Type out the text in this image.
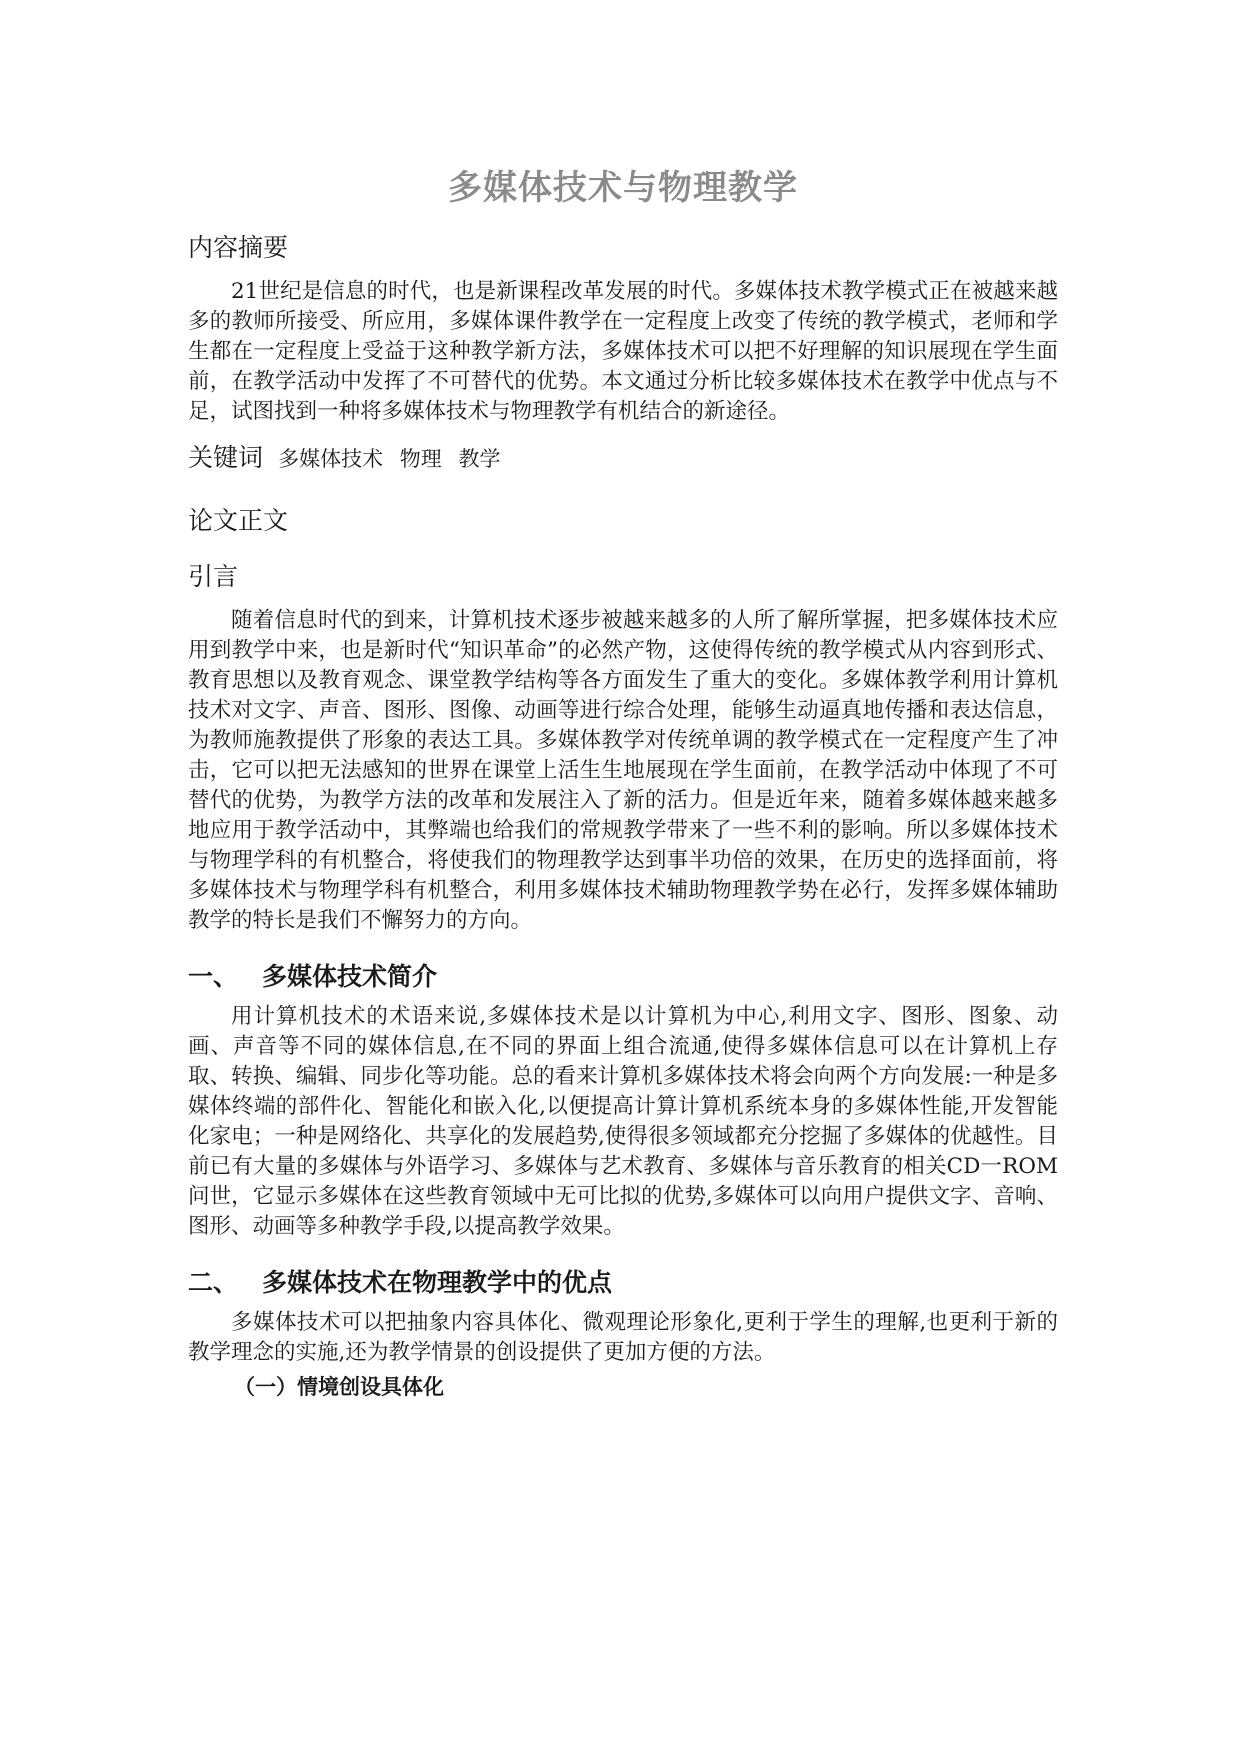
多媒体技术与物理教学
内容摘要

21世纪是信息的时代，也是新课程改革发展的时代。多媒体技术教学模式正在被越来越多的教师所接受、所应用，多媒体课件教学在一定程度上改变了传统的教学模式，老师和学生都在一定程度上受益于这种教学新方法，多媒体技术可以把不好理解的知识展现在学生面前，在教学活动中发挥了不可替代的优势。本文通过分析比较多媒体技术在教学中优点与不足，试图找到一种将多媒体技术与物理教学有机结合的新途径。

关键词 多媒体技术 物理 教学
论文正文
引言

随着信息时代的到来，计算机技术逐步被越来越多的人所了解所掌握，把多媒体技术应用到教学中来，也是新时代“知识革命”的必然产物，这使得传统的教学模式从内容到形式、教育思想以及教育观念、课堂教学结构等各方面发生了重大的变化。多媒体教学利用计算机技术对文字、声音、图形、图像、动画等进行综合处理，能够生动逼真地传播和表达信息，为教师施教提供了形象的表达工具。多媒体教学对传统单调的教学模式在一定程度产生了冲击，它可以把无法感知的世界在课堂上活生生地展现在学生面前，在教学活动中体现了不可替代的优势，为教学方法的改革和发展注入了新的活力。但是近年来，随着多媒体越来越多地应用于教学活动中，其弊端也给我们的常规教学带来了一些不利的影响。所以多媒体技术与物理学科的有机整合，将使我们的物理教学达到事半功倍的效果，在历史的选择面前，将多媒体技术与物理学科有机整合，利用多媒体技术辅助物理教学势在必行，发挥多媒体辅助教学的特长是我们不懈努力的方向。

一、 多媒体技术简介

用计算机技术的术语来说,多媒体技术是以计算机为中心,利用文字、图形、图象、动画、声音等不同的媒体信息,在不同的界面上组合流通,使得多媒体信息可以在计算机上存取、转换、编辑、同步化等功能。总的看来计算机多媒体技术将会向两个方向发展:一种是多媒体终端的部件化、智能化和嵌入化,以便提高计算计算机系统本身的多媒体性能,开发智能化家电；一种是网络化、共享化的发展趋势,使得很多领域都充分挖掘了多媒体的优越性。目前已有大量的多媒体与外语学习、多媒体与艺术教育、多媒体与音乐教育的相关CD一ROM问世，它显示多媒体在这些教育领域中无可比拟的优势,多媒体可以向用户提供文字、音响、图形、动画等多种教学手段,以提高教学效果。

二、 多媒体技术在物理教学中的优点

多媒体技术可以把抽象内容具体化、微观理论形象化,更利于学生的理解,也更利于新的教学理念的实施,还为教学情景的创设提供了更加方便的方法。

（一）情境创设具体化
